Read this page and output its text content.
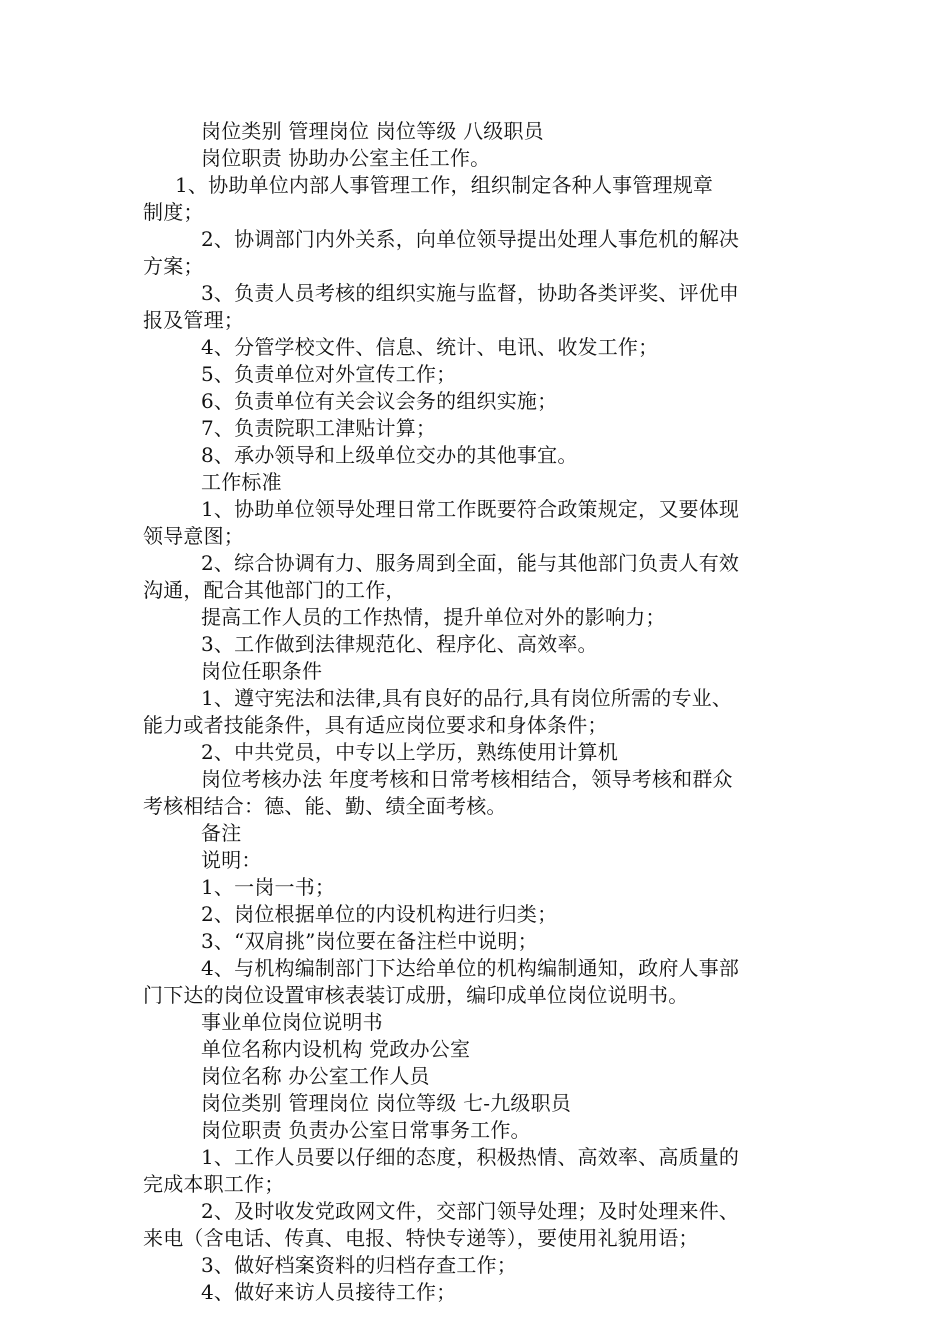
岗位类别 管理岗位 岗位等级 八级职员

岗位职责 协助办公室主任工作。

1、协助单位内部人事管理工作，组织制定各种人事管理规章

制度；

2、协调部门内外关系，向单位领导提出处理人事危机的解决

方案；

3、负责人员考核的组织实施与监督，协助各类评奖、评优申

报及管理；

4、分管学校文件、信息、统计、电讯、收发工作；

5、负责单位对外宣传工作；

6、负责单位有关会议会务的组织实施；

7、负责院职工津贴计算；

8、承办领导和上级单位交办的其他事宜。

工作标准

1、协助单位领导处理日常工作既要符合政策规定，又要体现

领导意图；

2、综合协调有力、服务周到全面，能与其他部门负责人有效

沟通，配合其他部门的工作，

提高工作人员的工作热情，提升单位对外的影响力；

3、工作做到法律规范化、程序化、高效率。

岗位任职条件

1、遵守宪法和法律,具有良好的品行,具有岗位所需的专业、

能力或者技能条件，具有适应岗位要求和身体条件；

2、中共党员，中专以上学历，熟练使用计算机

岗位考核办法 年度考核和日常考核相结合，领导考核和群众

考核相结合：德、能、勤、绩全面考核。

备注

说明：

1、一岗一书；

2、岗位根据单位的内设机构进行归类；

3、“双肩挑”岗位要在备注栏中说明；

4、与机构编制部门下达给单位的机构编制通知，政府人事部

门下达的岗位设置审核表装订成册，编印成单位岗位说明书。

事业单位岗位说明书

单位名称内设机构 党政办公室

岗位名称 办公室工作人员

岗位类别 管理岗位 岗位等级 七-九级职员

岗位职责 负责办公室日常事务工作。

1、工作人员要以仔细的态度，积极热情、高效率、高质量的

完成本职工作；

2、及时收发党政网文件，交部门领导处理；及时处理来件、

来电（含电话、传真、电报、特快专递等），要使用礼貌用语；

3、做好档案资料的归档存查工作；

4、做好来访人员接待工作；
